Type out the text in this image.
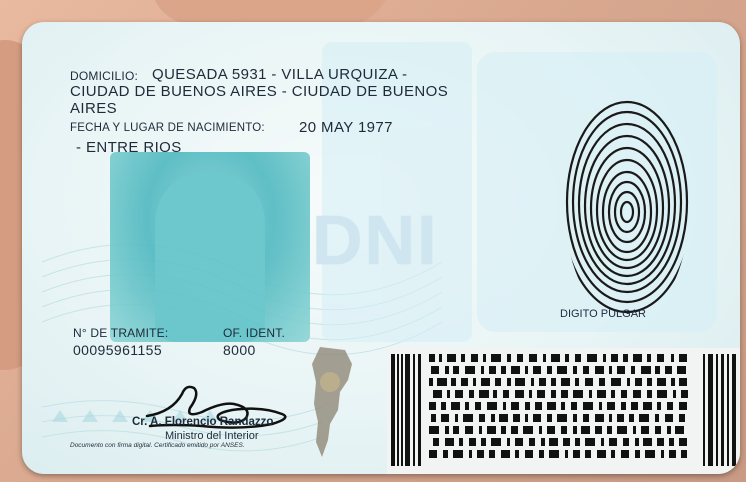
DNI
DOMICILIO: QUESADA 5931 - VILLA URQUIZA -
CIUDAD DE BUENOS AIRES - CIUDAD DE BUENOS
AIRES
FECHA Y LUGAR DE NACIMIENTO: 20 MAY 1977
- ENTRE RIOS
DIGITO PULGAR
N° DE TRAMITE:
00095961155
OF. IDENT.
8000
Cr. A. Florencio Randazzo
Ministro del Interior
Documento con firma digital. Certificado emitido por ANSES.
